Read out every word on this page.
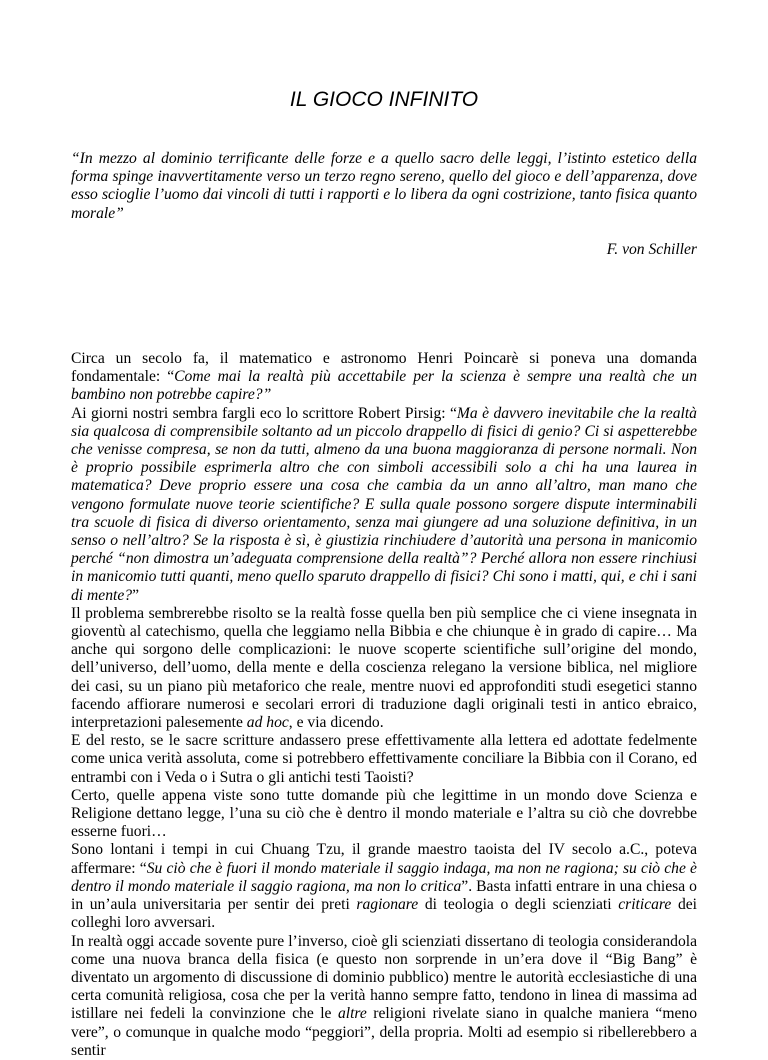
IL GIOCO INFINITO

“In mezzo al dominio terrificante delle forze e a quello sacro delle leggi, l’istinto estetico della forma spinge inavvertitamente verso un terzo regno sereno, quello del gioco e dell’apparenza, dove esso scioglie l’uomo dai vincoli di tutti i rapporti e lo libera da ogni costrizione, tanto fisica quanto morale”

F. von Schiller

Circa un secolo fa, il matematico e astronomo Henri Poincarè si poneva una domanda fondamentale: “Come mai la realtà più accettabile per la scienza è sempre una realtà che un bambino non potrebbe capire?”

Ai giorni nostri sembra fargli eco lo scrittore Robert Pirsig: “Ma è davvero inevitabile che la realtà sia qualcosa di comprensibile soltanto ad un piccolo drappello di fisici di genio? Ci si aspetterebbe che venisse compresa, se non da tutti, almeno da una buona maggioranza di persone normali. Non è proprio possibile esprimerla altro che con simboli accessibili solo a chi ha una laurea in matematica? Deve proprio essere una cosa che cambia da un anno all’altro, man mano che vengono formulate nuove teorie scientifiche? E sulla quale possono sorgere dispute interminabili tra scuole di fisica di diverso orientamento, senza mai giungere ad una soluzione definitiva, in un senso o nell’altro? Se la risposta è sì, è giustizia rinchiudere d’autorità una persona in manicomio perché “non dimostra un’adeguata comprensione della realtà”? Perché allora non essere rinchiusi in manicomio tutti quanti, meno quello sparuto drappello di fisici? Chi sono i matti, qui, e chi i sani di mente?”

Il problema sembrerebbe risolto se la realtà fosse quella ben più semplice che ci viene insegnata in gioventù al catechismo, quella che leggiamo nella Bibbia e che chiunque è in grado di capire… Ma anche qui sorgono delle complicazioni: le nuove scoperte scientifiche sull’origine del mondo, dell’universo, dell’uomo, della mente e della coscienza relegano la versione biblica, nel migliore dei casi, su un piano più metaforico che reale, mentre nuovi ed approfonditi studi esegetici stanno facendo affiorare numerosi e secolari errori di traduzione dagli originali testi in antico ebraico, interpretazioni palesemente ad hoc, e via dicendo.

E del resto, se le sacre scritture andassero prese effettivamente alla lettera ed adottate fedelmente come unica verità assoluta, come si potrebbero effettivamente conciliare la Bibbia con il Corano, ed entrambi con i Veda o i Sutra o gli antichi testi Taoisti?

Certo, quelle appena viste sono tutte domande più che legittime in un mondo dove Scienza e Religione dettano legge, l’una su ciò che è dentro il mondo materiale e l’altra su ciò che dovrebbe esserne fuori…

Sono lontani i tempi in cui Chuang Tzu, il grande maestro taoista del IV secolo a.C., poteva affermare: “Su ciò che è fuori il mondo materiale il saggio indaga, ma non ne ragiona; su ciò che è dentro il mondo materiale il saggio ragiona, ma non lo critica”. Basta infatti entrare in una chiesa o in un’aula universitaria per sentir dei preti ragionare di teologia o degli scienziati criticare dei colleghi loro avversari.

In realtà oggi accade sovente pure l’inverso, cioè gli scienziati dissertano di teologia considerandola come una nuova branca della fisica (e questo non sorprende in un’era dove il “Big Bang” è diventato un argomento di discussione di dominio pubblico) mentre le autorità ecclesiastiche di una certa comunità religiosa, cosa che per la verità hanno sempre fatto, tendono in linea di massima ad istillare nei fedeli la convinzione che le altre religioni rivelate siano in qualche maniera “meno vere”, o comunque in qualche modo “peggiori”, della propria. Molti ad esempio si ribellerebbero a sentir
